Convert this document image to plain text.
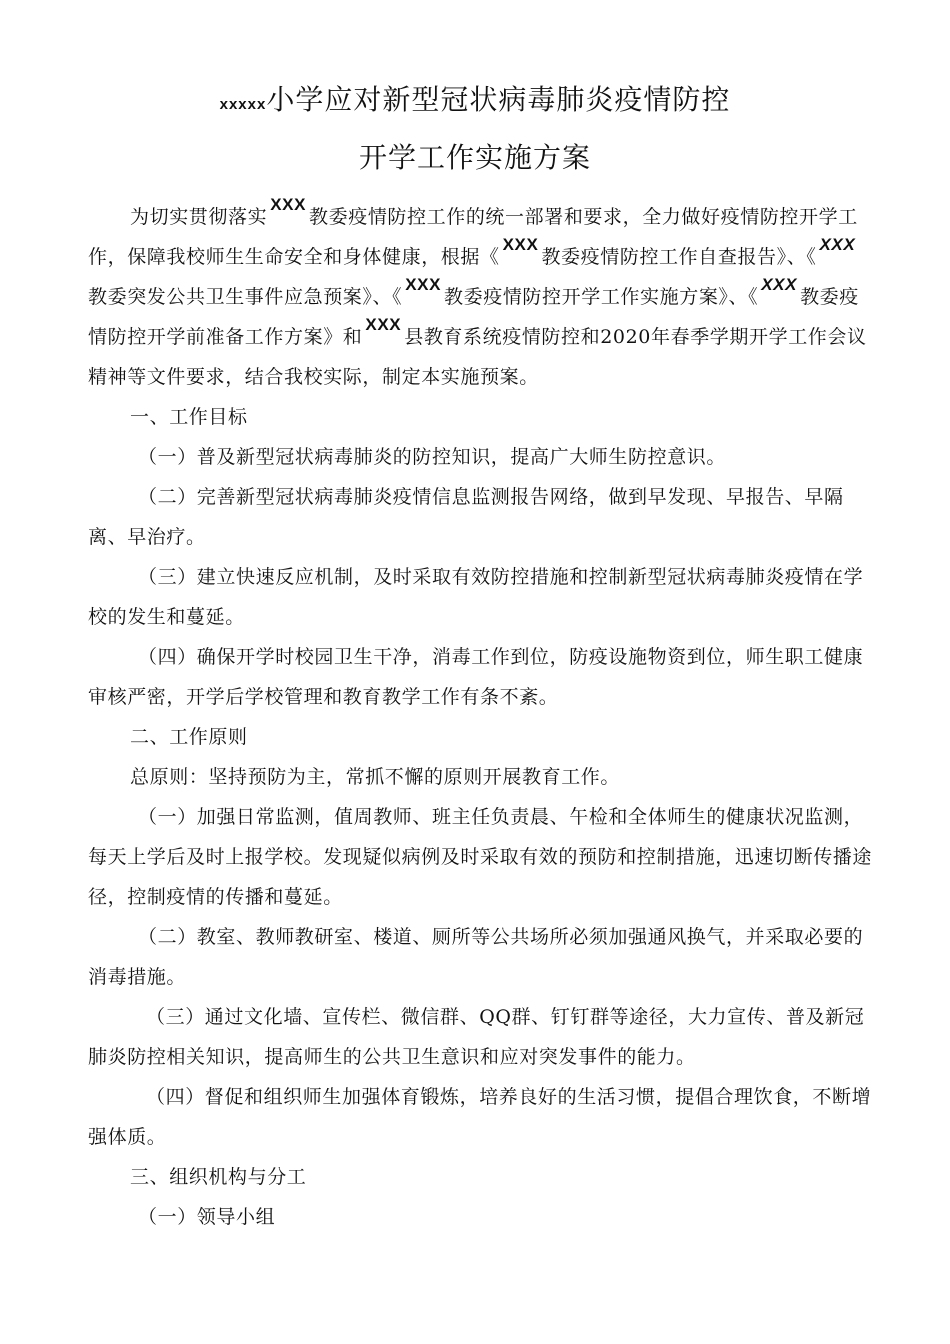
xxxxx小学应对新型冠状病毒肺炎疫情防控
开学工作实施方案

为切实贯彻落实XXX教委疫情防控工作的统一部署和要求，全力做好疫情防控开学工作，保障我校师生生命安全和身体健康，根据《XXX教委疫情防控工作自查报告》、《XXX教委突发公共卫生事件应急预案》、《XXX教委疫情防控开学工作实施方案》、《XXX教委疫情防控开学前准备工作方案》和XXX县教育系统疫情防控和2020年春季学期开学工作会议精神等文件要求，结合我校实际，制定本实施预案。

一、工作目标

（一）普及新型冠状病毒肺炎的防控知识，提高广大师生防控意识。

（二）完善新型冠状病毒肺炎疫情信息监测报告网络，做到早发现、早报告、早隔离、早治疗。

（三）建立快速反应机制，及时采取有效防控措施和控制新型冠状病毒肺炎疫情在学校的发生和蔓延。

（四）确保开学时校园卫生干净，消毒工作到位，防疫设施物资到位，师生职工健康审核严密，开学后学校管理和教育教学工作有条不紊。

二、工作原则

总原则：坚持预防为主，常抓不懈的原则开展教育工作。

（一）加强日常监测，值周教师、班主任负责晨、午检和全体师生的健康状况监测，每天上学后及时上报学校。发现疑似病例及时采取有效的预防和控制措施，迅速切断传播途径，控制疫情的传播和蔓延。

（二）教室、教师教研室、楼道、厕所等公共场所必须加强通风换气，并采取必要的消毒措施。

（三）通过文化墙、宣传栏、微信群、QQ群、钉钉群等途径，大力宣传、普及新冠肺炎防控相关知识，提高师生的公共卫生意识和应对突发事件的能力。

（四）督促和组织师生加强体育锻炼，培养良好的生活习惯，提倡合理饮食，不断增强体质。

三、组织机构与分工

（一）领导小组
